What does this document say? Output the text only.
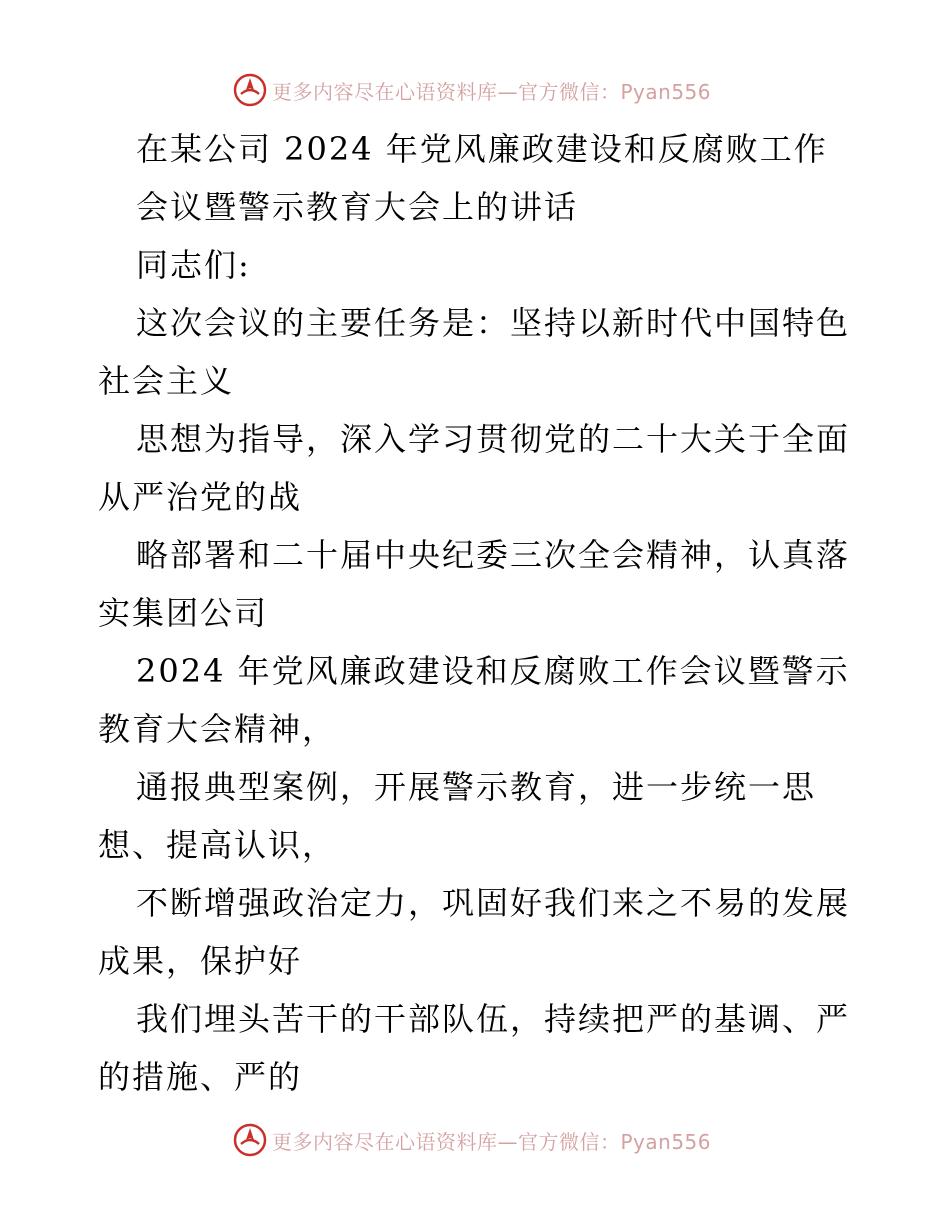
更多内容尽在心语资料库—官方微信：Pyan556
在某公司 2024 年党风廉政建设和反腐败工作
会议暨警示教育大会上的讲话
同志们:
这次会议的主要任务是：坚持以新时代中国特色
社会主义
思想为指导，深入学习贯彻党的二十大关于全面
从严治党的战
略部署和二十届中央纪委三次全会精神，认真落
实集团公司
2024 年党风廉政建设和反腐败工作会议暨警示
教育大会精神，
通报典型案例，开展警示教育，进一步统一思
想、提高认识，
不断增强政治定力，巩固好我们来之不易的发展
成果，保护好
我们埋头苦干的干部队伍，持续把严的基调、严
的措施、严的
更多内容尽在心语资料库—官方微信：Pyan556
